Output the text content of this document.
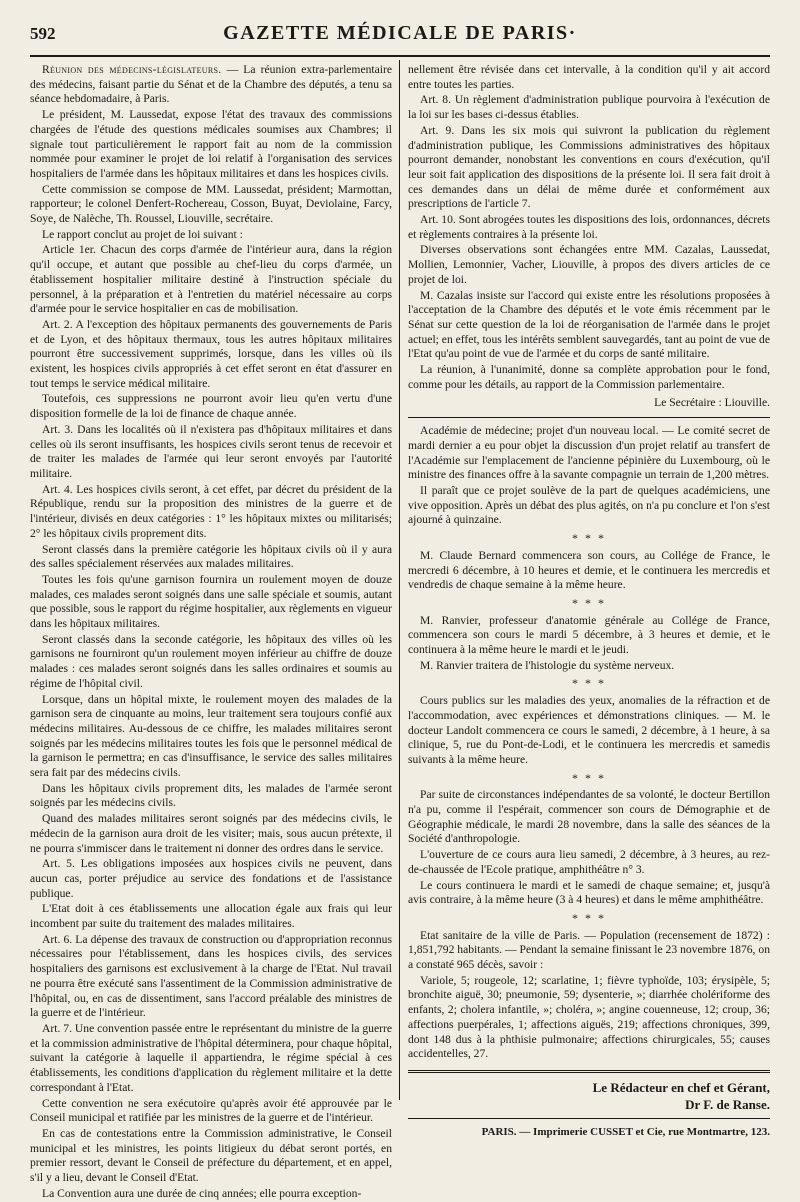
592	GAZETTE MÉDICALE DE PARIS·

Réunion des médecins-législateurs. — La réunion extra-parlementaire des médecins, faisant partie du Sénat et de la Chambre des députés, a tenu sa séance hebdomadaire, à Paris.

Le président, M. Laussedat, expose l'état des travaux des commissions chargées de l'étude des questions médicales soumises aux Chambres; il signale tout particulièrement le rapport fait au nom de la commission nommée pour examiner le projet de loi relatif à l'organisation des services hospitaliers de l'armée dans les hôpitaux militaires et dans les hospices civils.

Cette commission se compose de MM. Laussedat, président; Marmottan, rapporteur; le colonel Denfert-Rochereau, Cosson, Buyat, Deviolaine, Farcy, Soye, de Nalèche, Th. Roussel, Liouville, secrétaire.

Le rapport conclut au projet de loi suivant :

Article 1er. Chacun des corps d'armée de l'intérieur aura, dans la région qu'il occupe, et autant que possible au chef-lieu du corps d'armée, un établissement hospitalier militaire destiné à l'instruction spéciale du personnel, à la préparation et à l'entretien du matériel nécessaire au corps d'armée pour le service hospitalier en cas de mobilisation.

Art. 2. A l'exception des hôpitaux permanents des gouvernements de Paris et de Lyon, et des hôpitaux thermaux, tous les autres hôpitaux militaires pourront être successivement supprimés, lorsque, dans les villes où ils existent, les hospices civils appropriés à cet effet seront en état d'assurer en tout temps le service médical militaire.

Toutefois, ces suppressions ne pourront avoir lieu qu'en vertu d'une disposition formelle de la loi de finance de chaque année.

Art. 3. Dans les localités où il n'existera pas d'hôpitaux militaires et dans celles où ils seront insuffisants, les hospices civils seront tenus de recevoir et de traiter les malades de l'armée qui leur seront envoyés par l'autorité militaire.

Art. 4. Les hospices civils seront, à cet effet, par décret du président de la République, rendu sur la proposition des ministres de la guerre et de l'intérieur, divisés en deux catégories : 1° les hôpitaux mixtes ou militarisés; 2° les hôpitaux civils proprement dits.

Seront classés dans la première catégorie les hôpitaux civils où il y aura des salles spécialement réservées aux malades militaires.

Toutes les fois qu'une garnison fournira un roulement moyen de douze malades, ces malades seront soignés dans une salle spéciale et soumis, autant que possible, sous le rapport du régime hospitalier, aux règlements en vigueur dans les hôpitaux militaires.

Seront classés dans la seconde catégorie, les hôpitaux des villes où les garnisons ne fourniront qu'un roulement moyen inférieur au chiffre de douze malades : ces malades seront soignés dans les salles ordinaires et soumis au régime de l'hôpital civil.

Lorsque, dans un hôpital mixte, le roulement moyen des malades de la garnison sera de cinquante au moins, leur traitement sera toujours confié aux médecins militaires. Au-dessous de ce chiffre, les malades militaires seront soignés par les médecins militaires toutes les fois que le personnel médical de la garnison le permettra; en cas d'insuffisance, le service des salles militaires sera fait par des médecins civils.

Dans les hôpitaux civils proprement dits, les malades de l'armée seront soignés par les médecins civils.

Quand des malades militaires seront soignés par des médecins civils, le médecin de la garnison aura droit de les visiter; mais, sous aucun prétexte, il ne pourra s'immiscer dans le traitement ni donner des ordres dans le service.

Art. 5. Les obligations imposées aux hospices civils ne peuvent, dans aucun cas, porter préjudice au service des fondations et de l'assistance publique.

L'Etat doit à ces établissements une allocation égale aux frais qui leur incombent par suite du traitement des malades militaires.

Art. 6. La dépense des travaux de construction ou d'appropriation reconnus nécessaires pour l'établissement, dans les hospices civils, des services hospitaliers des garnisons est exclusivement à la charge de l'Etat. Nul travail ne pourra être exécuté sans l'assentiment de la Commission administrative de l'hôpital, ou, en cas de dissentiment, sans l'accord préalable des ministres de la guerre et de l'intérieur.

Art. 7. Une convention passée entre le représentant du ministre de la guerre et la commission administrative de l'hôpital déterminera, pour chaque hôpital, suivant la catégorie à laquelle il appartiendra, le régime spécial à ces établissements, les conditions d'application du règlement militaire et la dette correspondant à l'Etat.

Cette convention ne sera exécutoire qu'après avoir été approuvée par le Conseil municipal et ratifiée par les ministres de la guerre et de l'intérieur.

En cas de contestations entre la Commission administrative, le Conseil municipal et les ministres, les points litigieux du débat seront portés, en premier ressort, devant le Conseil de préfecture du département, et en appel, s'il y a lieu, devant le Conseil d'Etat.

La Convention aura une durée de cinq années; elle pourra exception-

nellement être révisée dans cet intervalle, à la condition qu'il y ait accord entre toutes les parties.

Art. 8. Un règlement d'administration publique pourvoira à l'exécution de la loi sur les bases ci-dessus établies.

Art. 9. Dans les six mois qui suivront la publication du règlement d'administration publique, les Commissions administratives des hôpitaux pourront demander, nonobstant les conventions en cours d'exécution, qu'il leur soit fait application des dispositions de la présente loi. Il sera fait droit à ces demandes dans un délai de même durée et conformément aux prescriptions de l'article 7.

Art. 10. Sont abrogées toutes les dispositions des lois, ordonnances, décrets et règlements contraires à la présente loi.

Diverses observations sont échangées entre MM. Cazalas, Laussedat, Mollien, Lemonnier, Vacher, Liouville, à propos des divers articles de ce projet de loi.

M. Cazalas insiste sur l'accord qui existe entre les résolutions proposées à l'acceptation de la Chambre des députés et le vote émis récemment par le Sénat sur cette question de la loi de réorganisation de l'armée dans le projet actuel; en effet, tous les intérêts semblent sauvegardés, tant au point de vue de l'Etat qu'au point de vue de l'armée et du corps de santé militaire.

La réunion, à l'unanimité, donne sa complète approbation pour le fond, comme pour les détails, au rapport de la Commission parlementaire.

Le Secrétaire : Liouville.

Académie de médecine; projet d'un nouveau local. — Le comité secret de mardi dernier a eu pour objet la discussion d'un projet relatif au transfert de l'Académie sur l'emplacement de l'ancienne pépinière du Luxembourg, où le ministre des finances offre à la savante compagnie un terrain de 1,200 mètres.

Il paraît que ce projet soulève de la part de quelques académiciens, une vive opposition. Après un débat des plus agités, on n'a pu conclure et l'on s'est ajourné à quinzaine.

* * *

M. Claude Bernard commencera son cours, au Collége de France, le mercredi 6 décembre, à 10 heures et demie, et le continuera les mercredis et vendredis de chaque semaine à la même heure.

* * *

M. Ranvier, professeur d'anatomie générale au Collége de France, commencera son cours le mardi 5 décembre, à 3 heures et demie, et le continuera à la même heure le mardi et le jeudi.

M. Ranvier traitera de l'histologie du système nerveux.

* * *

Cours publics sur les maladies des yeux, anomalies de la réfraction et de l'accommodation, avec expériences et démonstrations cliniques. — M. le docteur Landolt commencera ce cours le samedi, 2 décembre, à 1 heure, à sa clinique, 5, rue du Pont-de-Lodi, et le continuera les mercredis et samedis suivants à la même heure.

* * *

Par suite de circonstances indépendantes de sa volonté, le docteur Bertillon n'a pu, comme il l'espérait, commencer son cours de Démographie et de Géographie médicale, le mardi 28 novembre, dans la salle des séances de la Société d'anthropologie.

L'ouverture de ce cours aura lieu samedi, 2 décembre, à 3 heures, au rez-de-chaussée de l'Ecole pratique, amphithéâtre n° 3.

Le cours continuera le mardi et le samedi de chaque semaine; et, jusqu'à avis contraire, à la même heure (3 à 4 heures) et dans le même amphithéâtre.

* * *

Etat sanitaire de la ville de Paris. — Population (recensement de 1872) : 1,851,792 habitants. — Pendant la semaine finissant le 23 novembre 1876, on a constaté 965 décès, savoir :

Variole, 5; rougeole, 12; scarlatine, 1; fièvre typhoïde, 103; érysipèle, 5; bronchite aiguë, 30; pneumonie, 59; dysenterie, »; diarrhée cholériforme des enfants, 2; cholera infantile, »; choléra, »; angine couenneuse, 12; croup, 36; affections puerpérales, 1; affections aiguës, 219; affections chroniques, 399, dont 148 dus à la phthisie pulmonaire; affections chirurgicales, 55; causes accidentelles, 27.

Le Rédacteur en chef et Gérant,
Dr F. de Ranse.
PARIS. — Imprimerie CUSSET et Cie, rue Montmartre, 123.
